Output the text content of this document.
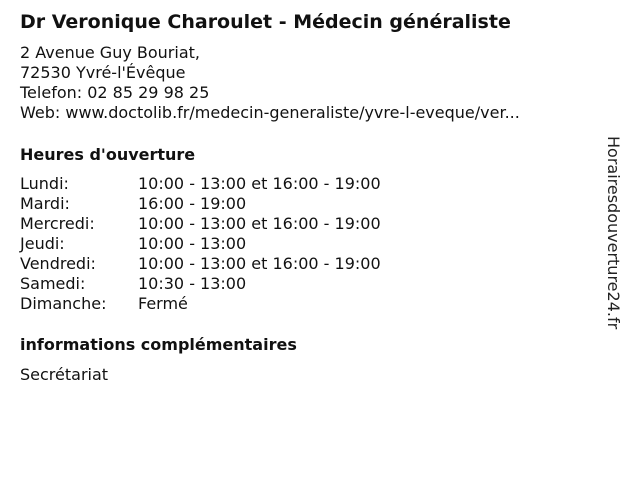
Dr Veronique Charoulet - Médecin généraliste
2 Avenue Guy Bouriat,
72530 Yvré-l'Évêque
Telefon: 02 85 29 98 25
Web: www.doctolib.fr/medecin-generaliste/yvre-l-eveque/ver...
Heures d'ouverture
Lundi:	10:00 - 13:00 et 16:00 - 19:00
Mardi:	16:00 - 19:00
Mercredi:	10:00 - 13:00 et 16:00 - 19:00
Jeudi:	10:00 - 13:00
Vendredi:	10:00 - 13:00 et 16:00 - 19:00
Samedi:	10:30 - 13:00
Dimanche:	Fermé
informations complémentaires
Secrétariat
Horairesdouverture24.fr
